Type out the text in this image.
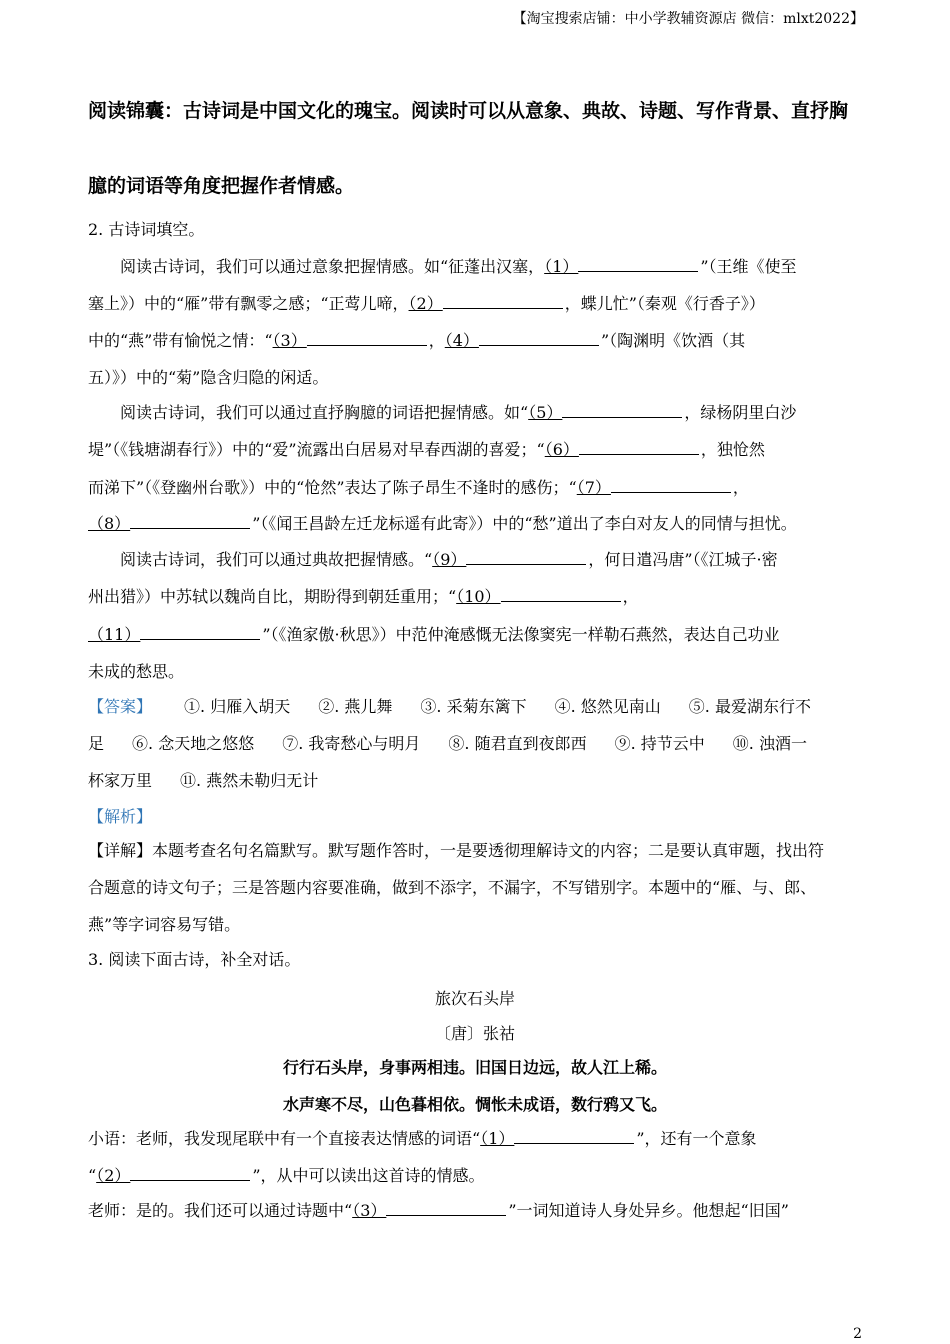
【淘宝搜索店铺：中小学教辅资源店 微信：mlxt2022】
阅读锦囊：古诗词是中国文化的瑰宝。阅读时可以从意象、典故、诗题、写作背景、直抒胸
臆的词语等角度把握作者情感。
2. 古诗词填空。
阅读古诗词，我们可以通过意象把握情感。如“征蓬出汉塞，（1）	”（王维《使至
塞上》）中的“雁”带有飘零之感；“正莺儿啼，（2）	，蝶儿忙”（秦观《行香子》）
中的“燕”带有愉悦之情：“（3）	，（4）	”（陶渊明《饮酒（其
五）》）中的“菊”隐含归隐的闲适。
阅读古诗词，我们可以通过直抒胸臆的词语把握情感。如“（5）	，绿杨阴里白沙
堤”（《钱塘湖春行》）中的“爱”流露出白居易对早春西湖的喜爱；“（6）	，独怆然
而涕下”（《登幽州台歌》）中的“怆然”表达了陈子昂生不逢时的感伤；“（7）	，
（8）	”（《闻王昌龄左迁龙标遥有此寄》）中的“愁”道出了李白对友人的同情与担忧。
阅读古诗词，我们可以通过典故把握情感。“（9）	，何日遣冯唐”（《江城子·密
州出猎》）中苏轼以魏尚自比，期盼得到朝廷重用；“（10）	，
（11）	”（《渔家傲·秋思》）中范仲淹感慨无法像窦宪一样勒石燕然，表达自己功业
未成的愁思。
【答案】 ①. 归雁入胡天 ②. 燕儿舞 ③. 采菊东篱下 ④. 悠然见南山 ⑤. 最爱湖东行不
足 ⑥. 念天地之悠悠 ⑦. 我寄愁心与明月 ⑧. 随君直到夜郎西 ⑨. 持节云中 ⑩. 浊酒一
杯家万里 ⑪. 燕然未勒归无计
【解析】
【详解】本题考查名句名篇默写。默写题作答时，一是要透彻理解诗文的内容；二是要认真审题，找出符
合题意的诗文句子；三是答题内容要准确，做到不添字，不漏字，不写错别字。本题中的“雁、与、郎、
燕”等字词容易写错。
3. 阅读下面古诗，补全对话。
旅次石头岸
〔唐〕张祜
行行石头岸，身事两相违。旧国日边远，故人江上稀。
水声寒不尽，山色暮相依。惆怅未成语，数行鸦又飞。
小语：老师，我发现尾联中有一个直接表达情感的词语“（1）	”，还有一个意象
“（2）	”，从中可以读出这首诗的情感。
老师：是的。我们还可以通过诗题中“（3）	”一词知道诗人身处异乡。他想起“旧国”
2
